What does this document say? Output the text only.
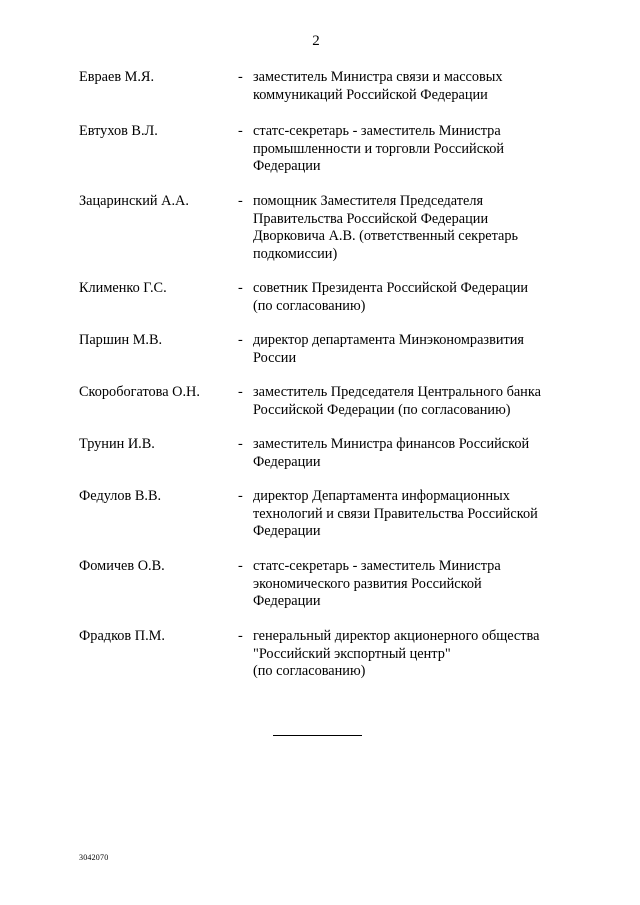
2
Евраев М.Я.	- заместитель Министра связи и массовых
коммуникаций Российской Федерации
Евтухов В.Л.	- статс-секретарь - заместитель Министра
промышленности и торговли Российской
Федерации
Зацаринский А.А.	- помощник Заместителя Председателя
Правительства Российской Федерации
Дворковича А.В. (ответственный секретарь
подкомиссии)
Клименко Г.С.	- советник Президента Российской Федерации
(по согласованию)
Паршин М.В.	- директор департамента Минэкономразвития
России
Скоробогатова О.Н.	- заместитель Председателя Центрального банка
Российской Федерации (по согласованию)
Трунин И.В.	- заместитель Министра финансов Российской
Федерации
Федулов В.В.	- директор Департамента информационных
технологий и связи Правительства Российской
Федерации
Фомичев О.В.	- статс-секретарь - заместитель Министра
экономического развития Российской
Федерации
Фрадков П.М.	- генеральный директор акционерного общества
"Российский экспортный центр"
(по согласованию)
3042070
